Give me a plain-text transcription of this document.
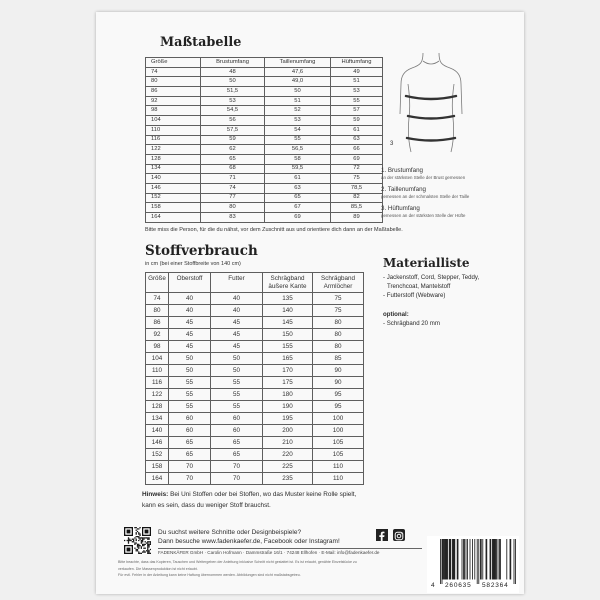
Maßtabelle
Größe	Brustumfang	Taillenumfang	Hüftumfang
74	48	47,6	49
80	50	49,0	51
86	51,5	50	53
92	53	51	55
98	54,5	52	57
104	56	53	59
110	57,5	54	61
116	59	55	63
122	62	56,5	66
128	65	58	69
134	68	59,5	72
140	71	61	75
146	74	63	78,5
152	77	65	82
158	80	67	85,5
164	83	69	89
Bitte miss die Person, für die du nähst, vor dem Zuschnitt aus und orientiere dich dann an der Maßtabelle.
3
1. Brustumfang
an der stärksten Stelle der Brust gemessen
2. Taillenumfang
gemessen an der schmalsten Stelle der Taille
3. Hüftumfang
gemessen an der stärksten Stelle der Hüfte
Stoffverbrauch
in cm (bei einer Stoffbreite von 140 cm)
Größe	Oberstoff	Futter	Schrägband äußere Kante	Schrägband Armlöcher
74	40	40	135	75
80	40	40	140	75
86	45	45	145	80
92	45	45	150	80
98	45	45	155	80
104	50	50	165	85
110	50	50	170	90
116	55	55	175	90
122	55	55	180	95
128	55	55	190	95
134	60	60	195	100
140	60	60	200	100
146	65	65	210	105
152	65	65	220	105
158	70	70	225	110
164	70	70	235	110
Hinweis: Bei Uni Stoffen oder bei Stoffen, wo das Muster keine Rolle spielt, kann es sein, dass du weniger Stoff brauchst.
Materialliste
- Jackenstoff, Cord, Stepper, Teddy, Trenchcoat, Mantelstoff
- Futterstoff (Webware)
optional:
- Schrägband 20 mm
Du suchst weitere Schnitte oder Designbeispiele?
Dann besuche www.fadenkaefer.de, Facebook oder Instagram!
FADENKÄFER GmbH · Carolin Hofmann · Dammstraße 16/1 · 74248 Ellhofen · E-Mail: info@fadenkaefer.de
Bitte beachte, dass das Kopieren, Tauschen und Weitergeben der Anleitung inklusive Schnitt nicht gestattet ist. Es ist erlaubt, genähte Einzelstücke zu
verkaufen. Die Massenproduktion ist nicht erlaubt.
Für evtl. Fehler in der Anleitung kann keine Haftung übernommen werden. Abbildungen sind nicht maßstabsgetreu.
4 260635 582364
